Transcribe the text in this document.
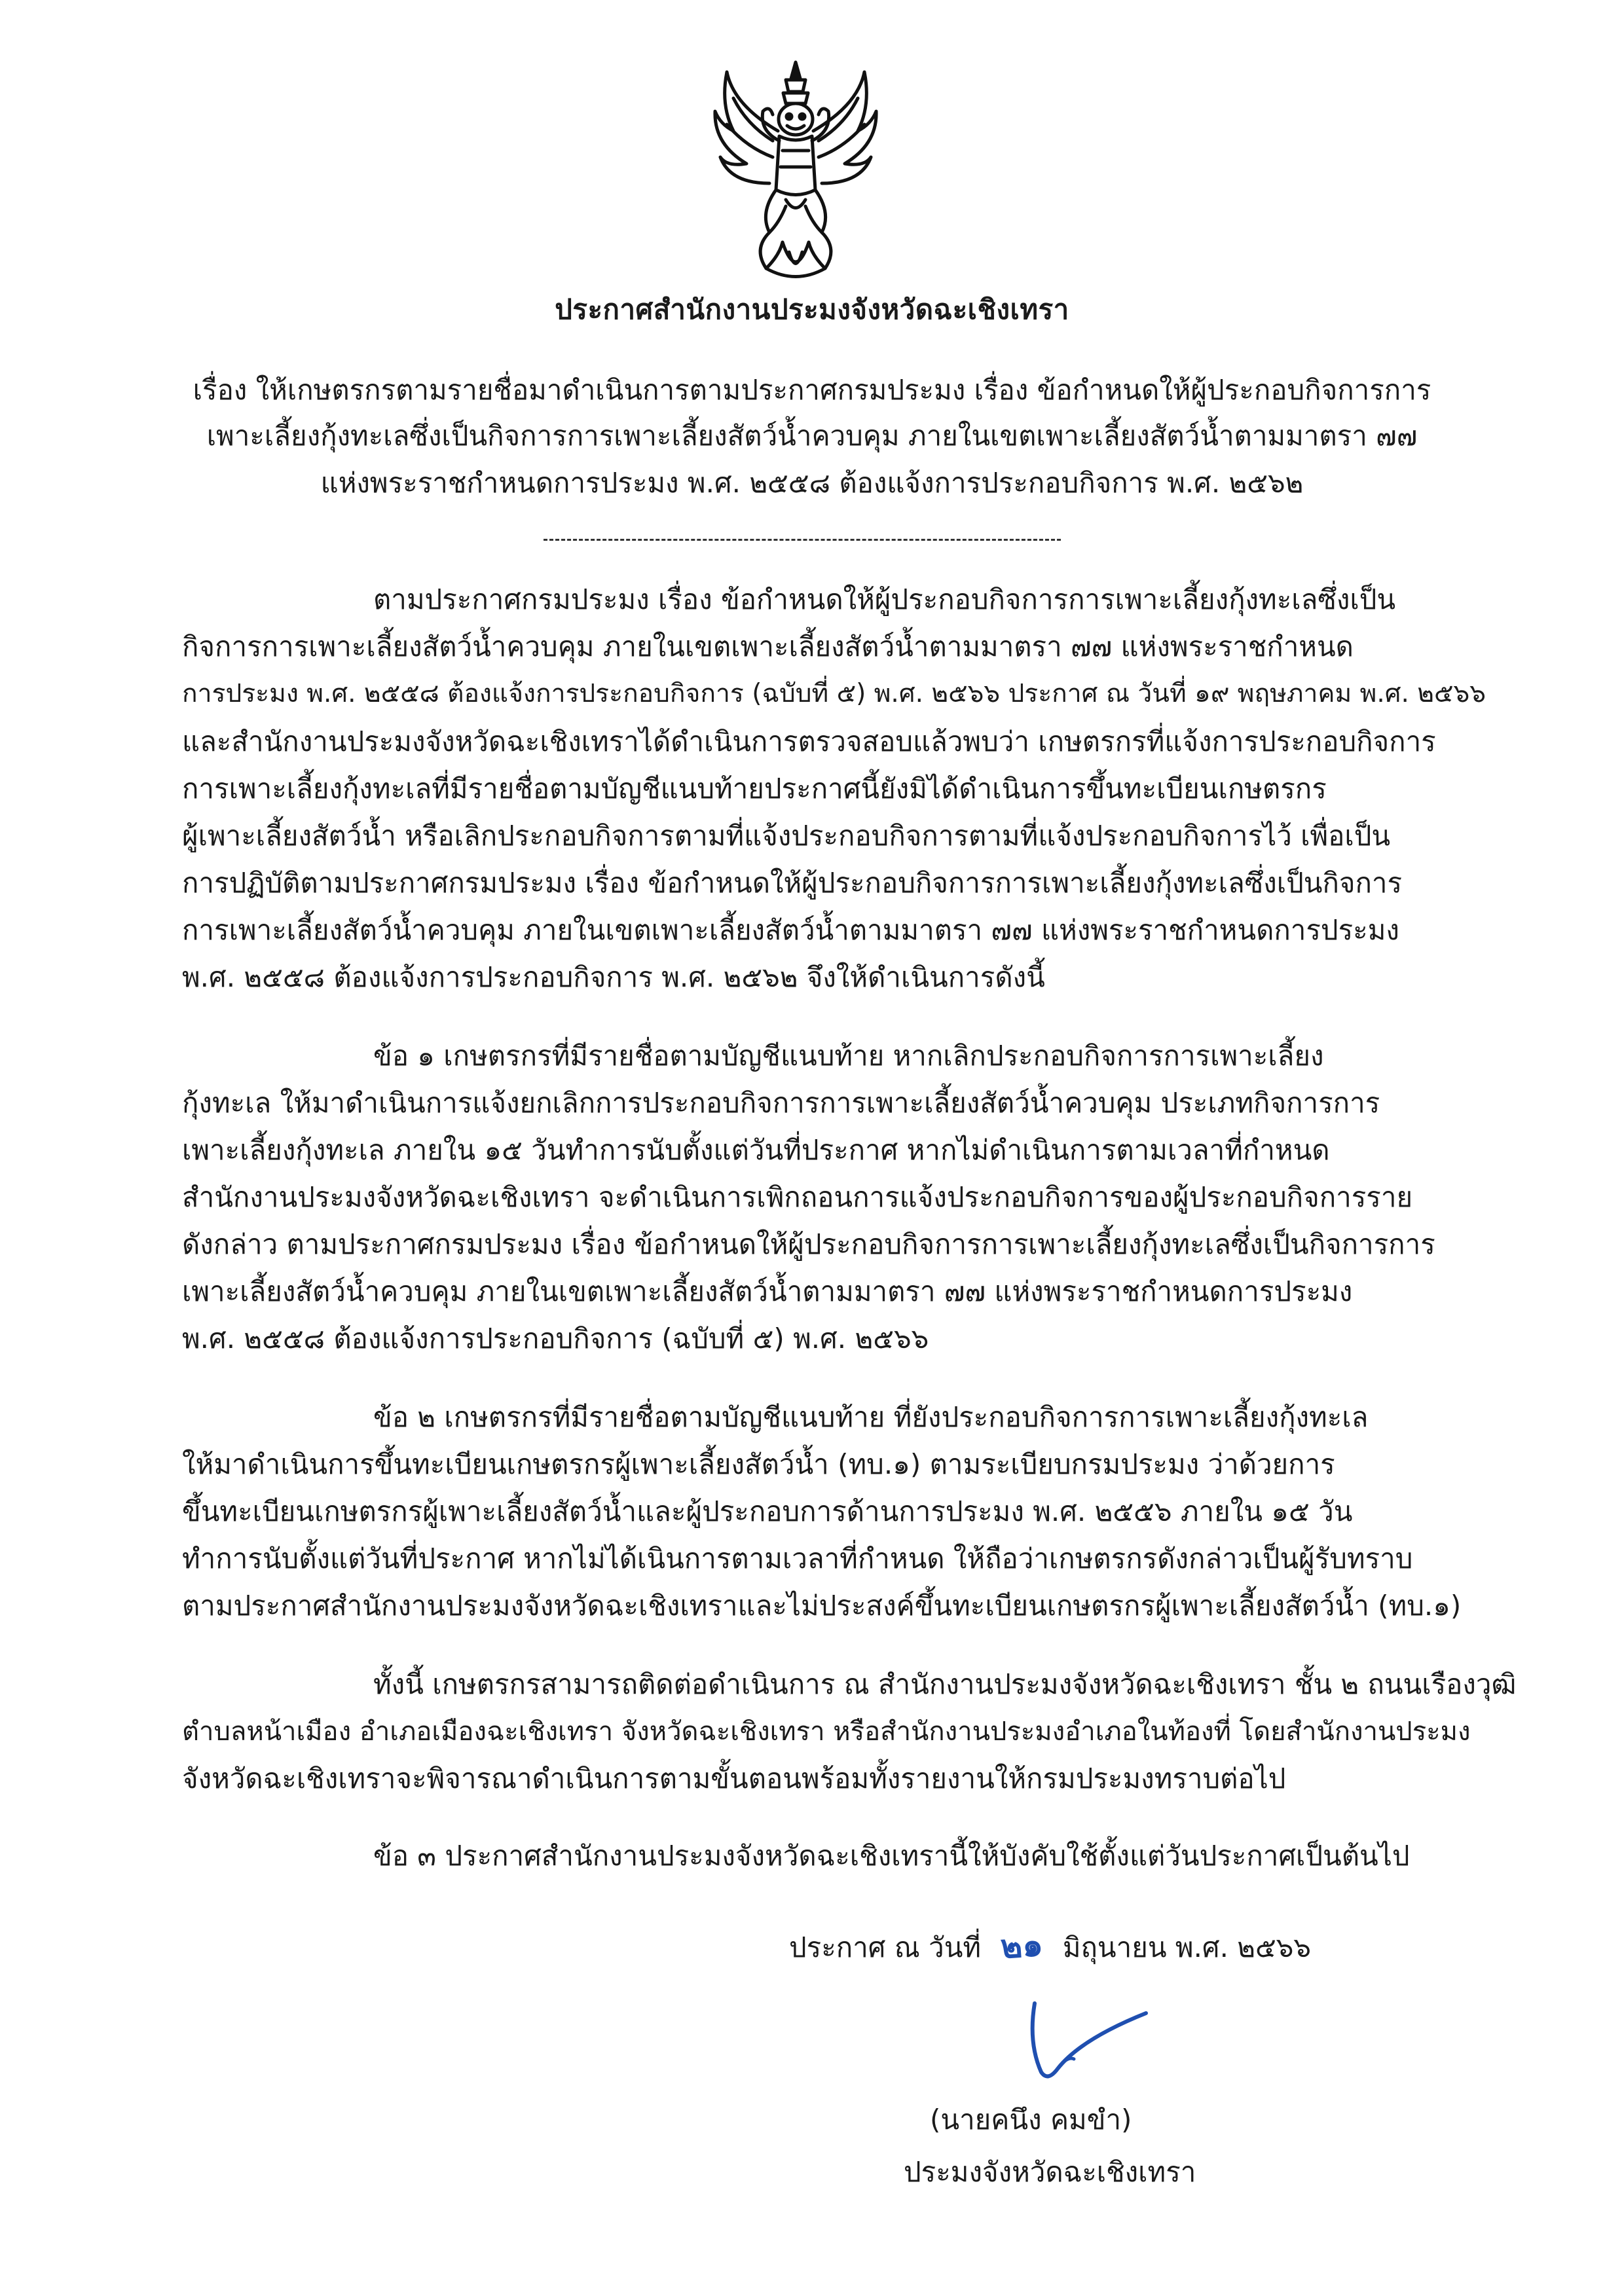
ประกาศสำนักงานประมงจังหวัดฉะเชิงเทรา
เรื่อง ให้เกษตรกรตามรายชื่อมาดำเนินการตามประกาศกรมประมง เรื่อง ข้อกำหนดให้ผู้ประกอบกิจการการ
เพาะเลี้ยงกุ้งทะเลซึ่งเป็นกิจการการเพาะเลี้ยงสัตว์น้ำควบคุม ภายในเขตเพาะเลี้ยงสัตว์น้ำตามมาตรา ๗๗
แห่งพระราชกำหนดการประมง พ.ศ. ๒๕๕๘ ต้องแจ้งการประกอบกิจการ พ.ศ. ๒๕๖๒
ตามประกาศกรมประมง เรื่อง ข้อกำหนดให้ผู้ประกอบกิจการการเพาะเลี้ยงกุ้งทะเลซึ่งเป็น
กิจการการเพาะเลี้ยงสัตว์น้ำควบคุม ภายในเขตเพาะเลี้ยงสัตว์น้ำตามมาตรา ๗๗ แห่งพระราชกำหนด
การประมง พ.ศ. ๒๕๕๘ ต้องแจ้งการประกอบกิจการ (ฉบับที่ ๕) พ.ศ. ๒๕๖๖ ประกาศ ณ วันที่ ๑๙ พฤษภาคม พ.ศ. ๒๕๖๖
และสำนักงานประมงจังหวัดฉะเชิงเทราได้ดำเนินการตรวจสอบแล้วพบว่า เกษตรกรที่แจ้งการประกอบกิจการ
การเพาะเลี้ยงกุ้งทะเลที่มีรายชื่อตามบัญชีแนบท้ายประกาศนี้ยังมิได้ดำเนินการขึ้นทะเบียนเกษตรกร
ผู้เพาะเลี้ยงสัตว์น้ำ หรือเลิกประกอบกิจการตามที่แจ้งประกอบกิจการตามที่แจ้งประกอบกิจการไว้ เพื่อเป็น
การปฏิบัติตามประกาศกรมประมง เรื่อง ข้อกำหนดให้ผู้ประกอบกิจการการเพาะเลี้ยงกุ้งทะเลซึ่งเป็นกิจการ
การเพาะเลี้ยงสัตว์น้ำควบคุม ภายในเขตเพาะเลี้ยงสัตว์น้ำตามมาตรา ๗๗ แห่งพระราชกำหนดการประมง
พ.ศ. ๒๕๕๘ ต้องแจ้งการประกอบกิจการ พ.ศ. ๒๕๖๒ จึงให้ดำเนินการดังนี้
ข้อ ๑ เกษตรกรที่มีรายชื่อตามบัญชีแนบท้าย หากเลิกประกอบกิจการการเพาะเลี้ยง
กุ้งทะเล ให้มาดำเนินการแจ้งยกเลิกการประกอบกิจการการเพาะเลี้ยงสัตว์น้ำควบคุม ประเภทกิจการการ
เพาะเลี้ยงกุ้งทะเล ภายใน ๑๕ วันทำการนับตั้งแต่วันที่ประกาศ หากไม่ดำเนินการตามเวลาที่กำหนด
สำนักงานประมงจังหวัดฉะเชิงเทรา จะดำเนินการเพิกถอนการแจ้งประกอบกิจการของผู้ประกอบกิจการราย
ดังกล่าว ตามประกาศกรมประมง เรื่อง ข้อกำหนดให้ผู้ประกอบกิจการการเพาะเลี้ยงกุ้งทะเลซึ่งเป็นกิจการการ
เพาะเลี้ยงสัตว์น้ำควบคุม ภายในเขตเพาะเลี้ยงสัตว์น้ำตามมาตรา ๗๗ แห่งพระราชกำหนดการประมง
พ.ศ. ๒๕๕๘ ต้องแจ้งการประกอบกิจการ (ฉบับที่ ๕) พ.ศ. ๒๕๖๖
ข้อ ๒ เกษตรกรที่มีรายชื่อตามบัญชีแนบท้าย ที่ยังประกอบกิจการการเพาะเลี้ยงกุ้งทะเล
ให้มาดำเนินการขึ้นทะเบียนเกษตรกรผู้เพาะเลี้ยงสัตว์น้ำ (ทบ.๑) ตามระเบียบกรมประมง ว่าด้วยการ
ขึ้นทะเบียนเกษตรกรผู้เพาะเลี้ยงสัตว์น้ำและผู้ประกอบการด้านการประมง พ.ศ. ๒๕๕๖ ภายใน ๑๕ วัน
ทำการนับตั้งแต่วันที่ประกาศ หากไม่ได้เนินการตามเวลาที่กำหนด ให้ถือว่าเกษตรกรดังกล่าวเป็นผู้รับทราบ
ตามประกาศสำนักงานประมงจังหวัดฉะเชิงเทราและไม่ประสงค์ขึ้นทะเบียนเกษตรกรผู้เพาะเลี้ยงสัตว์น้ำ (ทบ.๑)
ทั้งนี้ เกษตรกรสามารถติดต่อดำเนินการ ณ สำนักงานประมงจังหวัดฉะเชิงเทรา ชั้น ๒ ถนนเรืองวุฒิ
ตำบลหน้าเมือง อำเภอเมืองฉะเชิงเทรา จังหวัดฉะเชิงเทรา หรือสำนักงานประมงอำเภอในท้องที่ โดยสำนักงานประมง
จังหวัดฉะเชิงเทราจะพิจารณาดำเนินการตามขั้นตอนพร้อมทั้งรายงานให้กรมประมงทราบต่อไป
ข้อ ๓ ประกาศสำนักงานประมงจังหวัดฉะเชิงเทรานี้ให้บังคับใช้ตั้งแต่วันประกาศเป็นต้นไป
ประกาศ ณ วันที่ ๒๑ มิถุนายน พ.ศ. ๒๕๖๖
(นายคนึง คมขำ)
ประมงจังหวัดฉะเชิงเทรา
